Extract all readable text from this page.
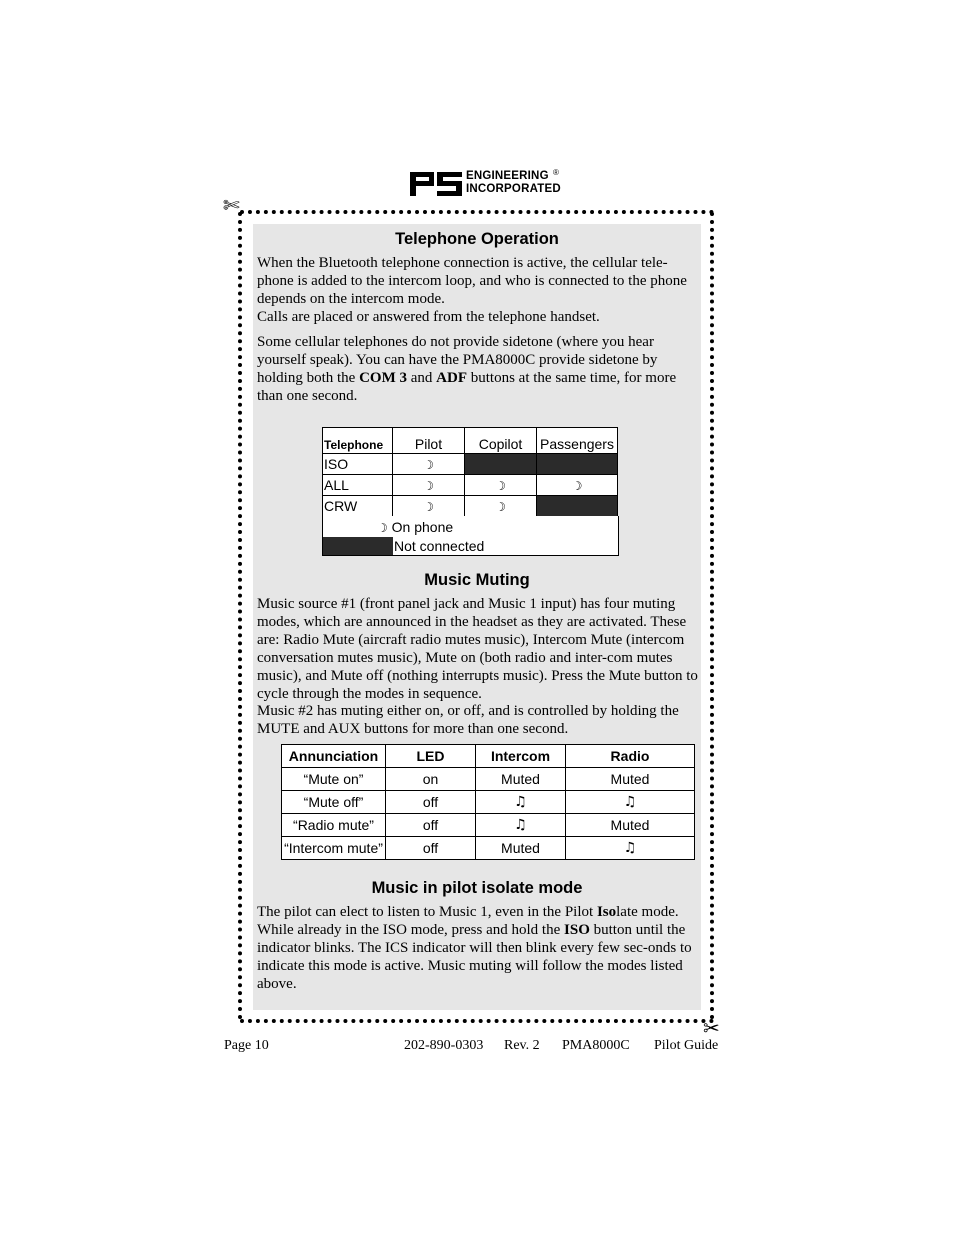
ENGINEERING
INCORPORATED
®
✄
✂
Telephone Operation
When the Bluetooth telephone connection is active, the cellular tele-phone is added to the intercom loop, and who is connected to the phone depends on the intercom mode.
Calls are placed or answered from the telephone handset.
Some cellular telephones do not provide sidetone (where you hear yourself speak). You can have the PMA8000C provide sidetone by holding both the COM 3 and ADF buttons at the same time, for more than one second.
Telephone	Pilot	Copilot	Passengers
ISO	☽		
ALL	☽	☽	☽
CRW	☽	☽	
☽ On phone
Not connected
Music Muting
Music source #1 (front panel jack and Music 1 input) has four muting modes, which are announced in the headset as they are activated. These are: Radio Mute (aircraft radio mutes music), Intercom Mute (intercom conversation mutes music), Mute on (both radio and inter-com mutes music), and Mute off (nothing interrupts music). Press the Mute button to cycle through the modes in sequence.
Music #2 has muting either on, or off, and is controlled by holding the MUTE and AUX buttons for more than one second.
Annunciation	LED	Intercom	Radio
“Mute on”	on	Muted	Muted
“Mute off”	off	♫	♫
“Radio mute”	off	♫	Muted
“Intercom mute”	off	Muted	♫
Music in pilot isolate mode
The pilot can elect to listen to Music 1, even in the Pilot Isolate mode. While already in the ISO mode, press and hold the ISO button until the indicator blinks. The ICS indicator will then blink every few sec-onds to indicate this mode is active. Music muting will follow the modes listed above.
Page 10	202-890-0303 Rev. 2 PMA8000C Pilot Guide
